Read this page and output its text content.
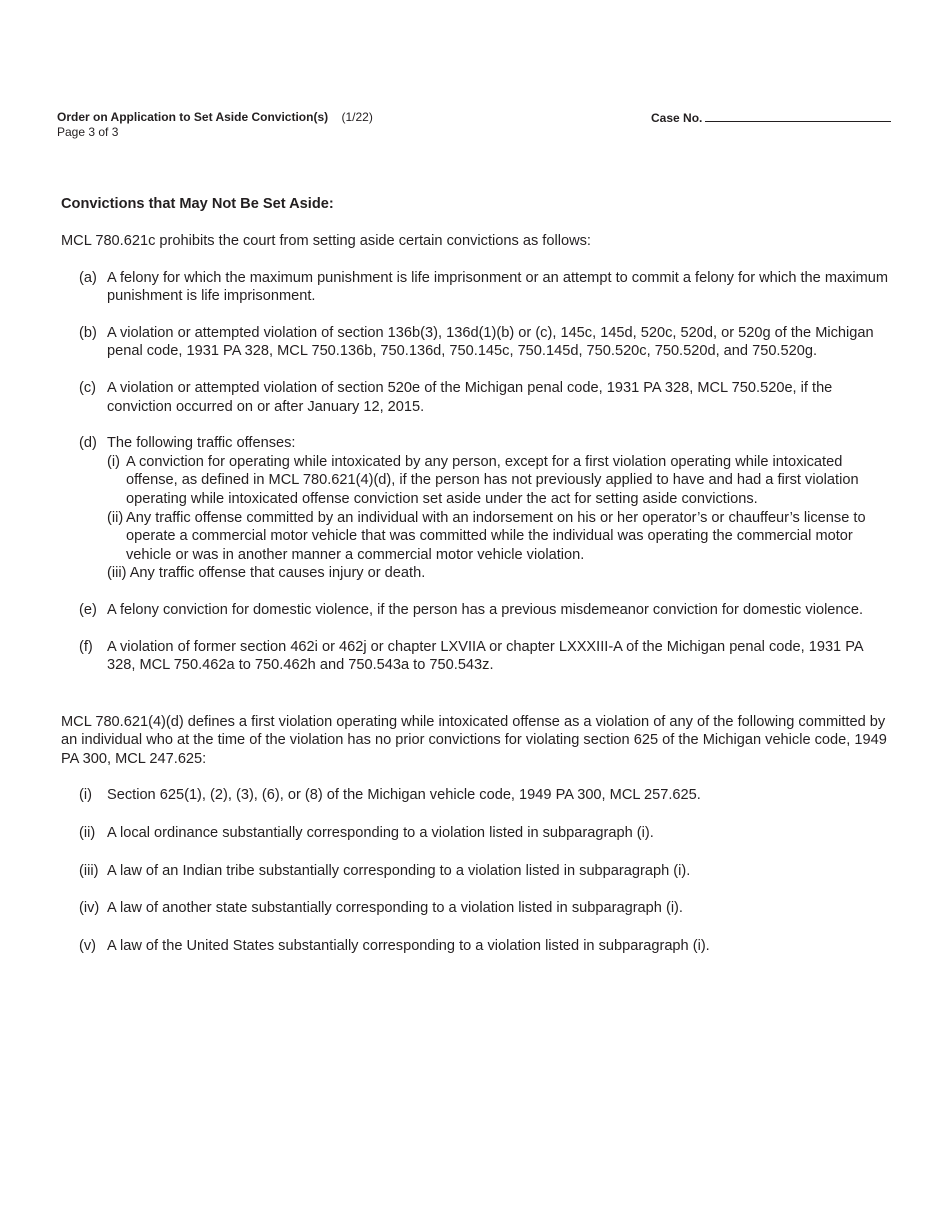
Order on Application to Set Aside Conviction(s) (1/22)
Page 3 of 3
Case No.
Convictions that May Not Be Set Aside:

MCL 780.621c prohibits the court from setting aside certain convictions as follows:

(a) A felony for which the maximum punishment is life imprisonment or an attempt to commit a felony for which the maximum punishment is life imprisonment.
(b) A violation or attempted violation of section 136b(3), 136d(1)(b) or (c), 145c, 145d, 520c, 520d, or 520g of the Michigan penal code, 1931 PA 328, MCL 750.136b, 750.136d, 750.145c, 750.145d, 750.520c, 750.520d, and 750.520g.
(c) A violation or attempted violation of section 520e of the Michigan penal code, 1931 PA 328, MCL 750.520e, if the conviction occurred on or after January 12, 2015.
(d) The following traffic offenses:
(i) A conviction for operating while intoxicated by any person, except for a first violation operating while intoxicated offense, as defined in MCL 780.621(4)(d), if the person has not previously applied to have and had a first violation operating while intoxicated offense conviction set aside under the act for setting aside convictions.
(ii) Any traffic offense committed by an individual with an indorsement on his or her operator’s or chauffeur’s license to operate a commercial motor vehicle that was committed while the individual was operating the commercial motor vehicle or was in another manner a commercial motor vehicle violation.
(iii) Any traffic offense that causes injury or death.
(e) A felony conviction for domestic violence, if the person has a previous misdemeanor conviction for domestic violence.
(f) A violation of former section 462i or 462j or chapter LXVIIA or chapter LXXXIII-A of the Michigan penal code, 1931 PA 328, MCL 750.462a to 750.462h and 750.543a to 750.543z.

MCL 780.621(4)(d) defines a first violation operating while intoxicated offense as a violation of any of the following committed by an individual who at the time of the violation has no prior convictions for violating section 625 of the Michigan vehicle code, 1949 PA 300, MCL 247.625:

(i)	Section 625(1), (2), (3), (6), or (8) of the Michigan vehicle code, 1949 PA 300, MCL 257.625.
(ii) A local ordinance substantially corresponding to a violation listed in subparagraph (i).
(iii) A law of an Indian tribe substantially corresponding to a violation listed in subparagraph (i).
(iv) A law of another state substantially corresponding to a violation listed in subparagraph (i).
(v) A law of the United States substantially corresponding to a violation listed in subparagraph (i).
